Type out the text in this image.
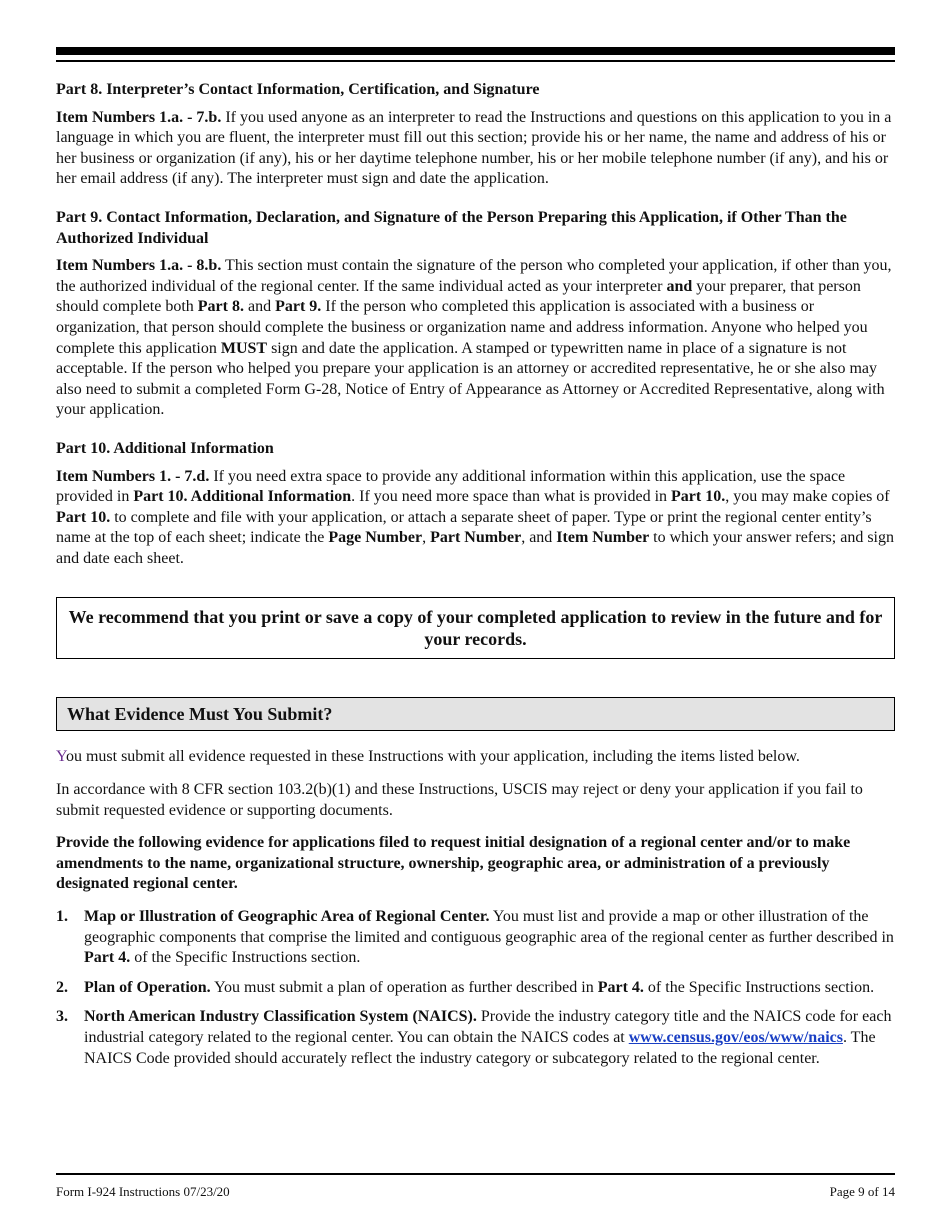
Part 8. Interpreter’s Contact Information, Certification, and Signature

Item Numbers 1.a. - 7.b. If you used anyone as an interpreter to read the Instructions and questions on this application to you in a language in which you are fluent, the interpreter must fill out this section; provide his or her name, the name and address of his or her business or organization (if any), his or her daytime telephone number, his or her mobile telephone number (if any), and his or her email address (if any). The interpreter must sign and date the application.

Part 9. Contact Information, Declaration, and Signature of the Person Preparing this Application, if Other Than the Authorized Individual

Item Numbers 1.a. - 8.b. This section must contain the signature of the person who completed your application, if other than you, the authorized individual of the regional center. If the same individual acted as your interpreter and your preparer, that person should complete both Part 8. and Part 9. If the person who completed this application is associated with a business or organization, that person should complete the business or organization name and address information. Anyone who helped you complete this application MUST sign and date the application. A stamped or typewritten name in place of a signature is not acceptable. If the person who helped you prepare your application is an attorney or accredited representative, he or she also may also need to submit a completed Form G-28, Notice of Entry of Appearance as Attorney or Accredited Representative, along with your application.

Part 10. Additional Information

Item Numbers 1. - 7.d. If you need extra space to provide any additional information within this application, use the space provided in Part 10. Additional Information. If you need more space than what is provided in Part 10., you may make copies of Part 10. to complete and file with your application, or attach a separate sheet of paper. Type or print the regional center entity’s name at the top of each sheet; indicate the Page Number, Part Number, and Item Number to which your answer refers; and sign and date each sheet.

We recommend that you print or save a copy of your completed application to review in the future and for your records.
What Evidence Must You Submit?

You must submit all evidence requested in these Instructions with your application, including the items listed below.

In accordance with 8 CFR section 103.2(b)(1) and these Instructions, USCIS may reject or deny your application if you fail to submit requested evidence or supporting documents.

Provide the following evidence for applications filed to request initial designation of a regional center and/or to make amendments to the name, organizational structure, ownership, geographic area, or administration of a previously designated regional center.

1. Map or Illustration of Geographic Area of Regional Center. You must list and provide a map or other illustration of the geographic components that comprise the limited and contiguous geographic area of the regional center as further described in Part 4. of the Specific Instructions section.
2. Plan of Operation. You must submit a plan of operation as further described in Part 4. of the Specific Instructions section.
3. North American Industry Classification System (NAICS). Provide the industry category title and the NAICS code for each industrial category related to the regional center. You can obtain the NAICS codes at www.census.gov/eos/www/naics. The NAICS Code provided should accurately reflect the industry category or subcategory related to the regional center.
Form I-924 Instructions 07/23/20	Page 9 of 14
